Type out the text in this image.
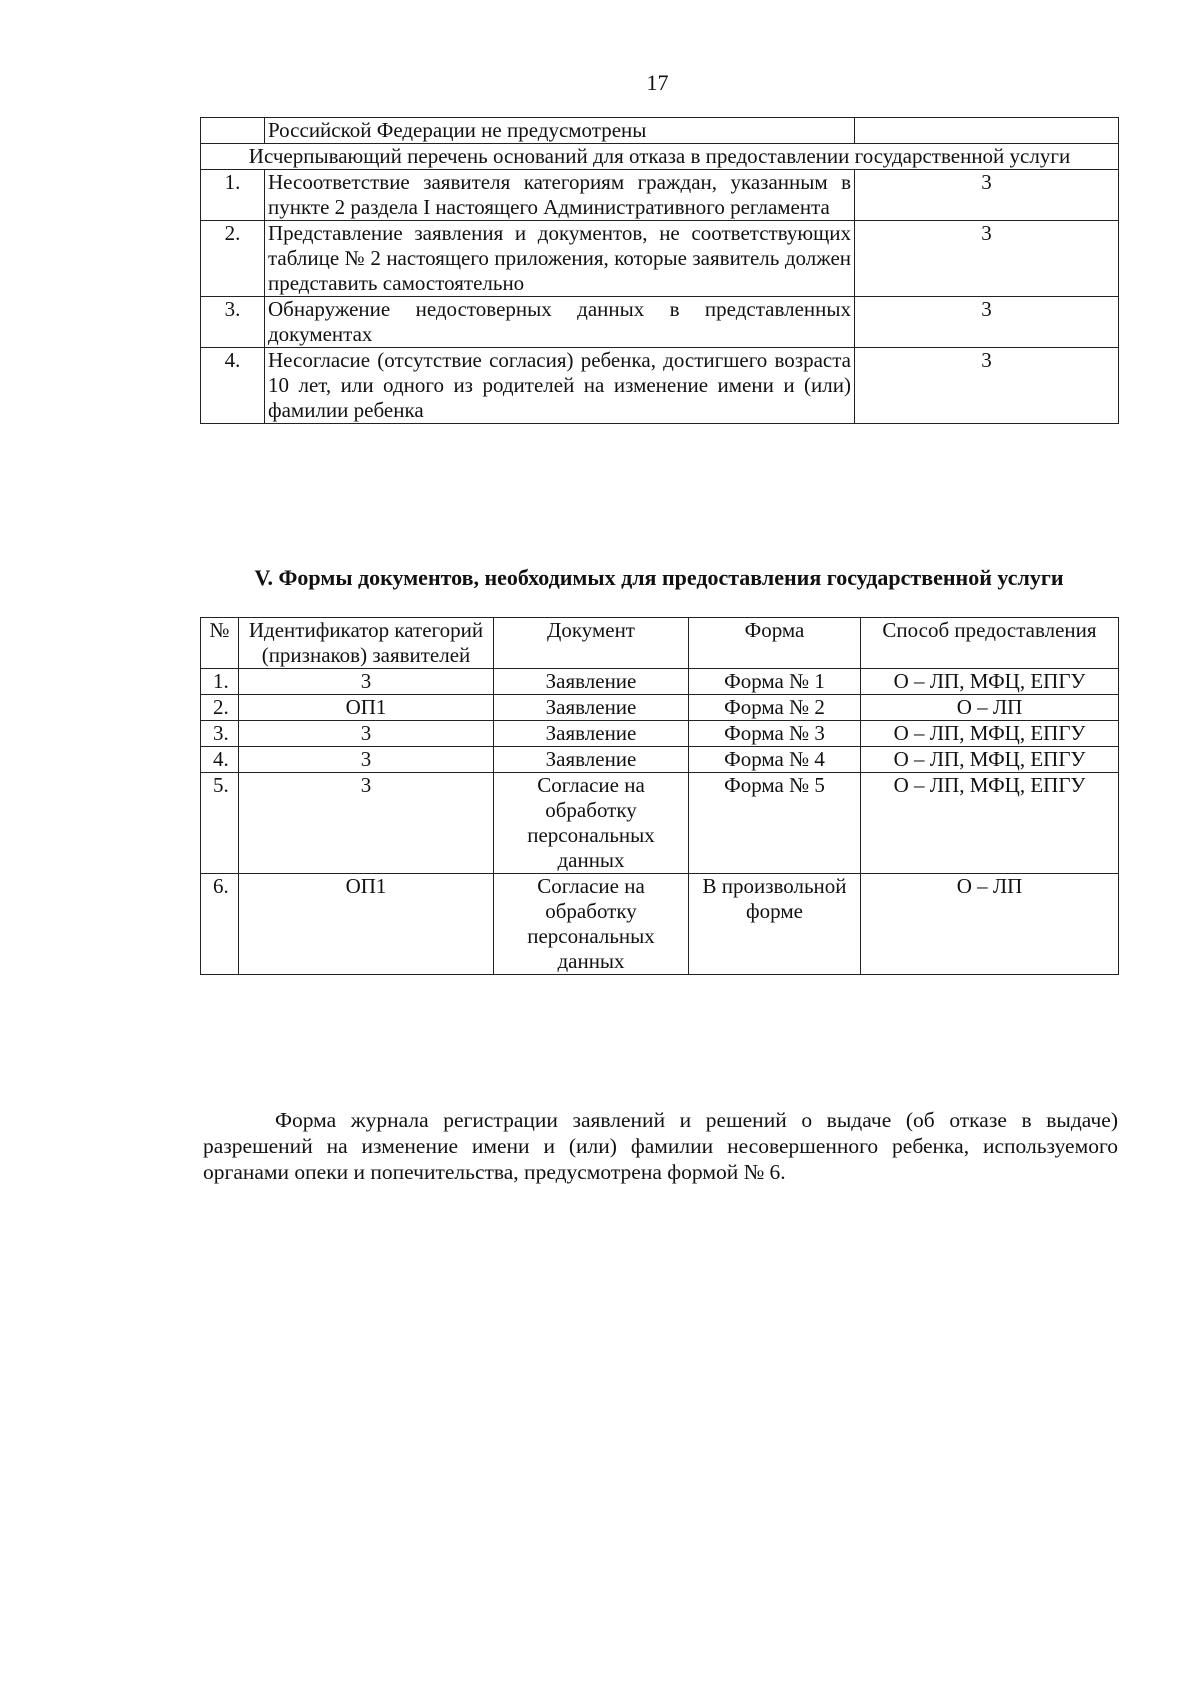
17
	Российской Федерации не предусмотрены	
Исчерпывающий перечень оснований для отказа в предоставлении государственной услуги		
1.	Несоответствие заявителя категориям граждан, указанным в пункте 2 раздела I настоящего Административного регламента	3
2.	Представление заявления и документов, не соответствующих таблице № 2 настоящего приложения, которые заявитель должен представить самостоятельно	3
3.	Обнаружение недостоверных данных в представленных документах	3
4.	Несогласие (отсутствие согласия) ребенка, достигшего возраста 10 лет, или одного из родителей на изменение имени и (или) фамилии ребенка	3
V. Формы документов, необходимых для предоставления государственной услуги
№	Идентификатор категорий (признаков) заявителей	Документ	Форма	Способ предоставления
1.	3	Заявление	Форма № 1	О – ЛП, МФЦ, ЕПГУ
2.	ОП1	Заявление	Форма № 2	О – ЛП
3.	3	Заявление	Форма № 3	О – ЛП, МФЦ, ЕПГУ
4.	3	Заявление	Форма № 4	О – ЛП, МФЦ, ЕПГУ
5.	3	Согласие на обработку персональных данных	Форма № 5	О – ЛП, МФЦ, ЕПГУ
6.	ОП1	Согласие на обработку персональных данных	В произвольной форме	О – ЛП

Форма журнала регистрации заявлений и решений о выдаче (об отказе в выдаче) разрешений на изменение имени и (или) фамилии несовершенного ребенка, используемого органами опеки и попечительства, предусмотрена формой № 6.
